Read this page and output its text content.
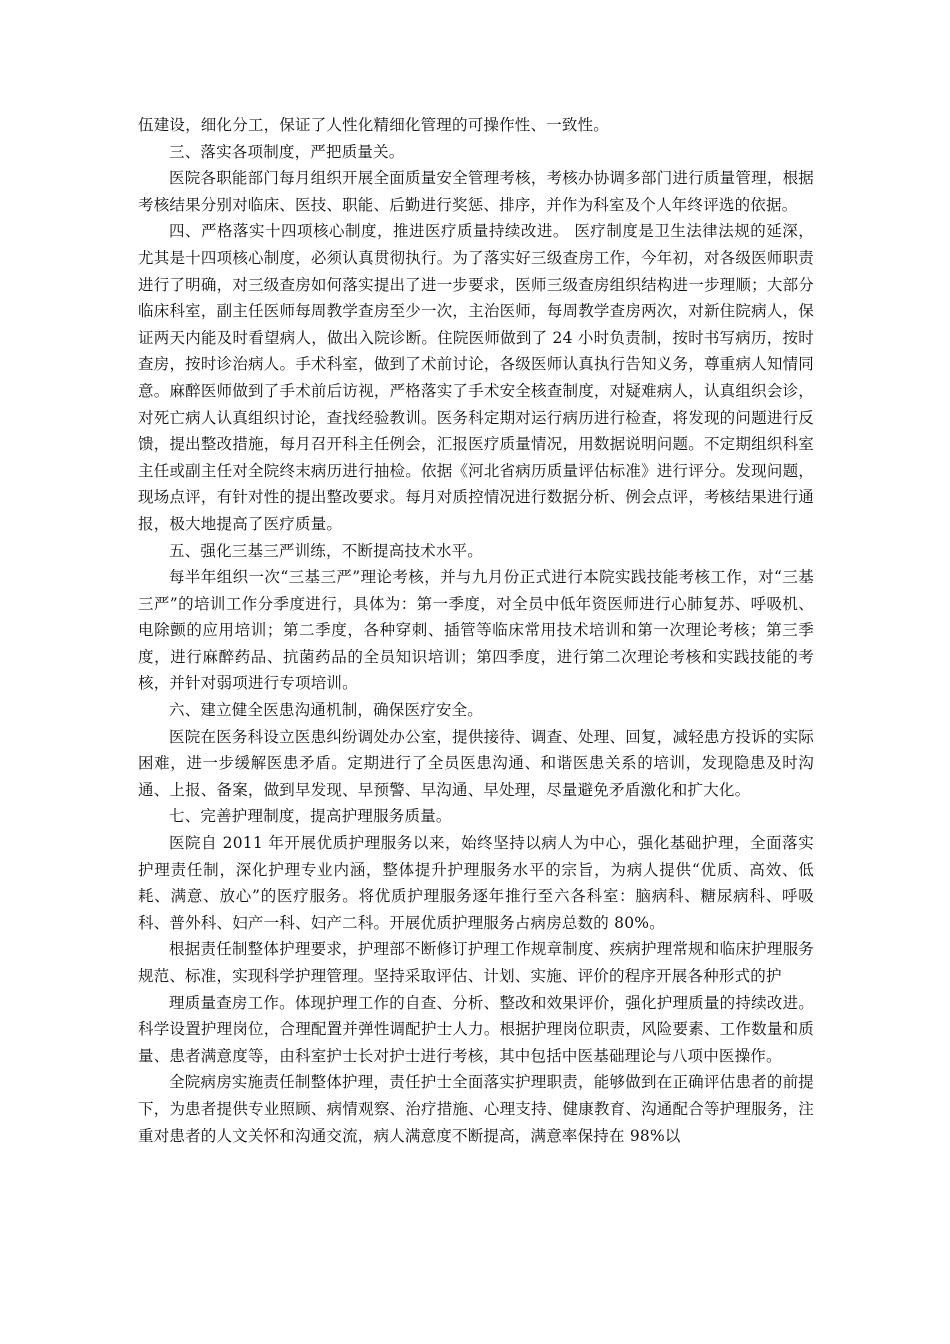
伍建设，细化分工，保证了人性化精细化管理的可操作性、一致性。

三、落实各项制度，严把质量关。

医院各职能部门每月组织开展全面质量安全管理考核，考核办协调多部门进行质量管理，根据考核结果分别对临床、医技、职能、后勤进行奖惩、排序，并作为科室及个人年终评选的依据。

四、严格落实十四项核心制度，推进医疗质量持续改进。 医疗制度是卫生法律法规的延深，尤其是十四项核心制度，必须认真贯彻执行。为了落实好三级查房工作，今年初，对各级医师职责进行了明确，对三级查房如何落实提出了进一步要求，医师三级查房组织结构进一步理顺；大部分临床科室，副主任医师每周教学查房至少一次，主治医师，每周教学查房两次，对新住院病人，保证两天内能及时看望病人，做出入院诊断。住院医师做到了 24 小时负责制，按时书写病历，按时查房，按时诊治病人。手术科室，做到了术前讨论，各级医师认真执行告知义务，尊重病人知情同意。麻醉医师做到了手术前后访视，严格落实了手术安全核查制度，对疑难病人，认真组织会诊，对死亡病人认真组织讨论，查找经验教训。医务科定期对运行病历进行检查，将发现的问题进行反馈，提出整改措施，每月召开科主任例会，汇报医疗质量情况，用数据说明问题。不定期组织科室主任或副主任对全院终末病历进行抽检。依据《河北省病历质量评估标准》进行评分。发现问题，现场点评，有针对性的提出整改要求。每月对质控情况进行数据分析、例会点评，考核结果进行通报，极大地提高了医疗质量。

五、强化三基三严训练，不断提高技术水平。

每半年组织一次“三基三严”理论考核，并与九月份正式进行本院实践技能考核工作，对“三基三严”的培训工作分季度进行，具体为：第一季度，对全员中低年资医师进行心肺复苏、呼吸机、电除颤的应用培训；第二季度，各种穿刺、插管等临床常用技术培训和第一次理论考核；第三季度，进行麻醉药品、抗菌药品的全员知识培训；第四季度，进行第二次理论考核和实践技能的考核，并针对弱项进行专项培训。

六、建立健全医患沟通机制，确保医疗安全。

医院在医务科设立医患纠纷调处办公室，提供接待、调查、处理、回复，减轻患方投诉的实际困难，进一步缓解医患矛盾。定期进行了全员医患沟通、和谐医患关系的培训，发现隐患及时沟通、上报、备案，做到早发现、早预警、早沟通、早处理，尽量避免矛盾激化和扩大化。

七、完善护理制度，提高护理服务质量。

医院自 2011 年开展优质护理服务以来，始终坚持以病人为中心，强化基础护理，全面落实护理责任制，深化护理专业内涵，整体提升护理服务水平的宗旨，为病人提供“优质、高效、低耗、满意、放心”的医疗服务。将优质护理服务逐年推行至六各科室：脑病科、糖尿病科、呼吸科、普外科、妇产一科、妇产二科。开展优质护理服务占病房总数的 80%。

根据责任制整体护理要求，护理部不断修订护理工作规章制度、疾病护理常规和临床护理服务规范、标准，实现科学护理管理。坚持采取评估、计划、实施、评价的程序开展各种形式的护

理质量查房工作。体现护理工作的自查、分析、整改和效果评价，强化护理质量的持续改进。科学设置护理岗位，合理配置并弹性调配护士人力。根据护理岗位职责，风险要素、工作数量和质量、患者满意度等，由科室护士长对护士进行考核，其中包括中医基础理论与八项中医操作。

全院病房实施责任制整体护理，责任护士全面落实护理职责，能够做到在正确评估患者的前提下，为患者提供专业照顾、病情观察、治疗措施、心理支持、健康教育、沟通配合等护理服务，注重对患者的人文关怀和沟通交流，病人满意度不断提高，满意率保持在 98%以
